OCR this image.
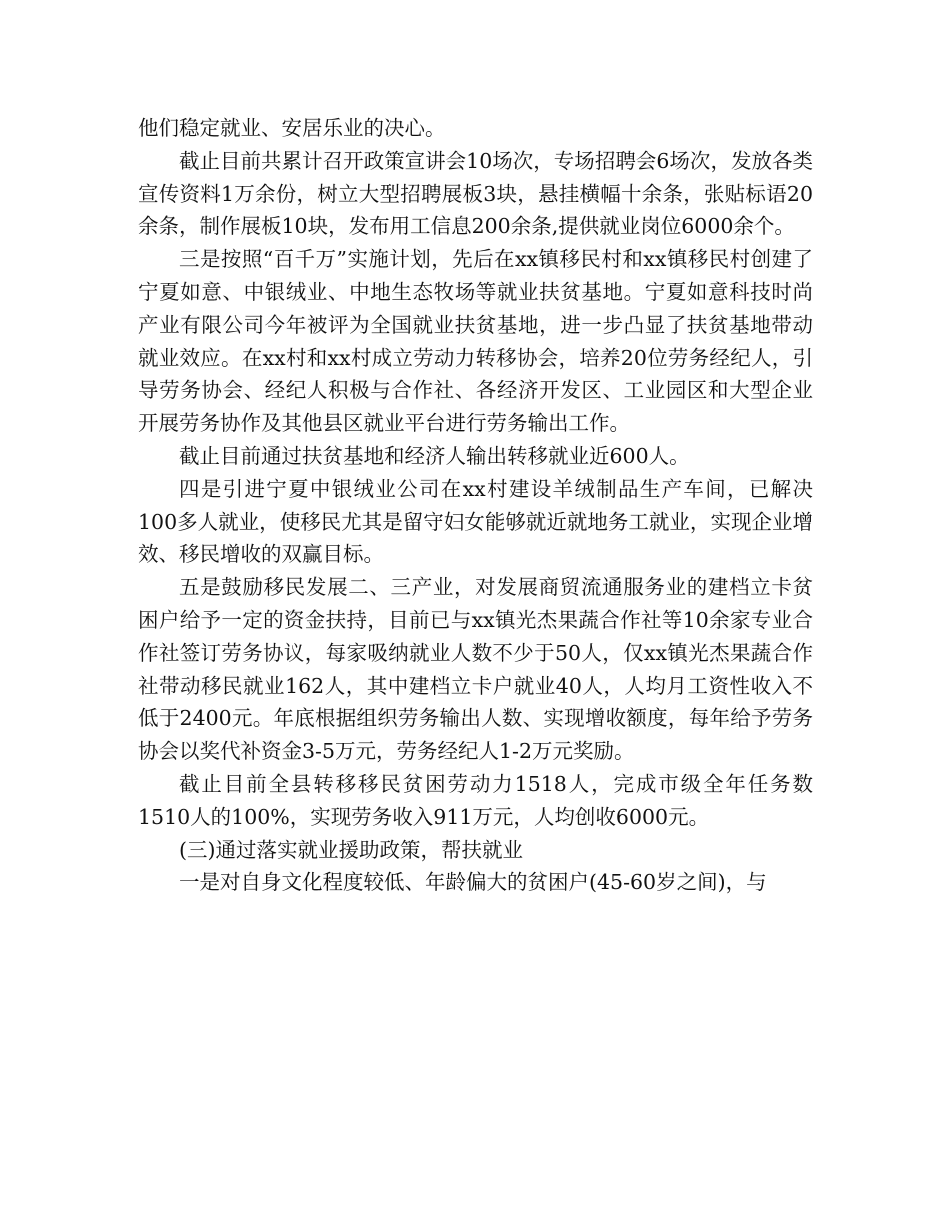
他们稳定就业、安居乐业的决心。

截止目前共累计召开政策宣讲会10场次，专场招聘会6场次，发放各类宣传资料1万余份，树立大型招聘展板3块，悬挂横幅十余条，张贴标语20余条，制作展板10块，发布用工信息200余条,提供就业岗位6000余个。

三是按照“百千万”实施计划，先后在xx镇移民村和xx镇移民村创建了宁夏如意、中银绒业、中地生态牧场等就业扶贫基地。宁夏如意科技时尚产业有限公司今年被评为全国就业扶贫基地，进一步凸显了扶贫基地带动就业效应。在xx村和xx村成立劳动力转移协会，培养20位劳务经纪人，引导劳务协会、经纪人积极与合作社、各经济开发区、工业园区和大型企业开展劳务协作及其他县区就业平台进行劳务输出工作。

截止目前通过扶贫基地和经济人输出转移就业近600人。

四是引进宁夏中银绒业公司在xx村建设羊绒制品生产车间，已解决100多人就业，使移民尤其是留守妇女能够就近就地务工就业，实现企业增效、移民增收的双赢目标。

五是鼓励移民发展二、三产业，对发展商贸流通服务业的建档立卡贫困户给予一定的资金扶持，目前已与xx镇光杰果蔬合作社等10余家专业合作社签订劳务协议，每家吸纳就业人数不少于50人，仅xx镇光杰果蔬合作社带动移民就业162人，其中建档立卡户就业40人，人均月工资性收入不低于2400元。年底根据组织劳务输出人数、实现增收额度，每年给予劳务协会以奖代补资金3-5万元，劳务经纪人1-2万元奖励。

截止目前全县转移移民贫困劳动力1518人，完成市级全年任务数1510人的100%，实现劳务收入911万元，人均创收6000元。

(三)通过落实就业援助政策，帮扶就业

一是对自身文化程度较低、年龄偏大的贫困户(45-60岁之间)，与
